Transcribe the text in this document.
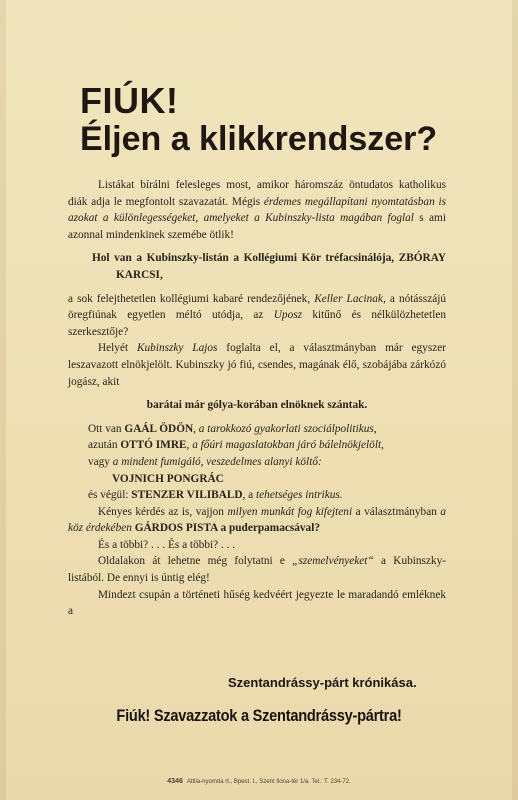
FIÚK!
Éljen a klikkrendszer?

Listákat bírálni felesleges most, amikor háromszáz öntudatos katholikus diák adja le megfontolt szavazatát. Mégis érdemes megállapítani nyomtatásban is azokat a különlegességeket, amelyeket a Kubinszky-lista magában foglal s ami azonnal mindenkinek szemébe ötlik!

Hol van a Kubinszky-listán a Kollégiumi Kör tréfacsinálója, ZBÓRAY KARCSI,

a sok felejthetetlen kollégiumi kabaré rendezőjének, Keller Lacinak, a nótásszájú öregfiúnak egyetlen méltó utódja, az Uposz kitűnő és nélkülözhetetlen szerkesztője?

Helyét Kubinszky Lajos foglalta el, a választmányban már egyszer leszavazott elnökjelölt. Kubinszky jó fiú, csendes, magának élő, szobájába zárkózó jogász, akit

barátai már gólya-korában elnöknek szántak.

Ott van GAÁL ÖDÖN, a tarokkozó gyakorlati szociálpolitikus,

azután OTTÓ IMRE, a főúri magaslatokban járó bálelnökjelölt,

vagy a mindent fumigáló, veszedelmes alanyi költő:

VOJNICH PONGRÁC

és végül: STENZER VILIBALD, a tehetséges intrikus.

Kényes kérdés az is, vajjon milyen munkát fog kifejteni a választmányban a köz érdekében GÁRDOS PISTA a puderpamacsával?

És a többi? . . . És a többi? . . .

Oldalakon át lehetne még folytatni e „szemelvényeket“ a Kubinszky-listából. De ennyi is úntig elég!

Mindezt csupán a történeti hűség kedvéért jegyezte le maradandó emléknek a

Szentandrássy-párt krónikása.
Fiúk! Szavazzatok a Szentandrássy-pártra!
4346 Attila-nyomda rt., Bpest. I., Szent Ilona-tér 1/a. Tel.: T. 234-72.
